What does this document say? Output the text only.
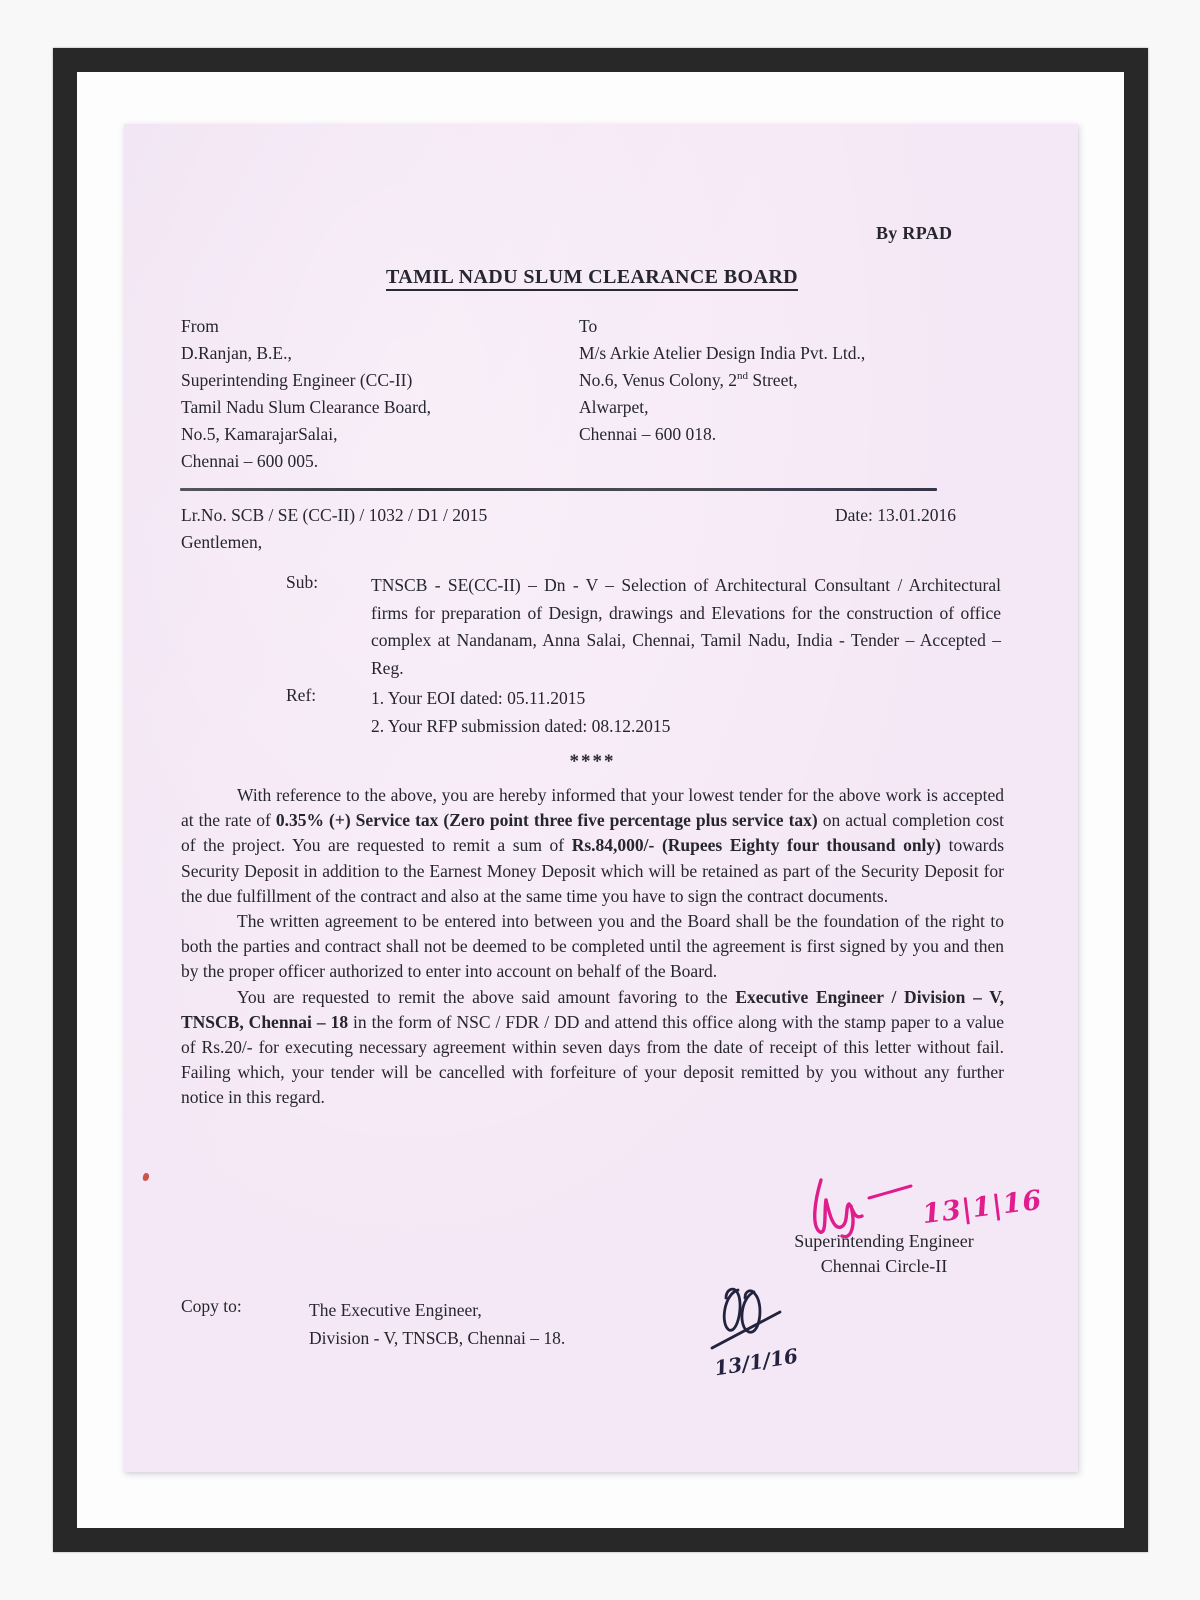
By RPAD
TAMIL NADU SLUM CLEARANCE BOARD
From
D.Ranjan, B.E.,
Superintending Engineer (CC-II)
Tamil Nadu Slum Clearance Board,
No.5, KamarajarSalai,
Chennai – 600 005.
To
M/s Arkie Atelier Design India Pvt. Ltd.,
No.6, Venus Colony, 2nd Street,
Alwarpet,
Chennai – 600 018.
Lr.No. SCB / SE (CC-II) / 1032 / D1 / 2015	Date: 13.01.2016
Gentlemen,
Sub:	TNSCB - SE(CC-II) – Dn - V – Selection of Architectural Consultant / Architectural firms for preparation of Design, drawings and Elevations for the construction of office complex at Nandanam, Anna Salai, Chennai, Tamil Nadu, India - Tender – Accepted – Reg.
Ref:	1. Your EOI dated: 05.11.2015
2. Your RFP submission dated: 08.12.2015
****

With reference to the above, you are hereby informed that your lowest tender for the above work is accepted at the rate of 0.35% (+) Service tax (Zero point three five percentage plus service tax) on actual completion cost of the project. You are requested to remit a sum of Rs.84,000/- (Rupees Eighty four thousand only) towards Security Deposit in addition to the Earnest Money Deposit which will be retained as part of the Security Deposit for the due fulfillment of the contract and also at the same time you have to sign the contract documents.

The written agreement to be entered into between you and the Board shall be the foundation of the right to both the parties and contract shall not be deemed to be completed until the agreement is first signed by you and then by the proper officer authorized to enter into account on behalf of the Board.

You are requested to remit the above said amount favoring to the Executive Engineer / Division – V, TNSCB, Chennai – 18 in the form of NSC / FDR / DD and attend this office along with the stamp paper to a value of Rs.20/- for executing necessary agreement within seven days from the date of receipt of this letter without fail. Failing which, your tender will be cancelled with forfeiture of your deposit remitted by you without any further notice in this regard.

13|1|16
Superintending Engineer
Chennai Circle-II
Copy to:	The Executive Engineer,
Division - V, TNSCB, Chennai – 18.
13/1/16
